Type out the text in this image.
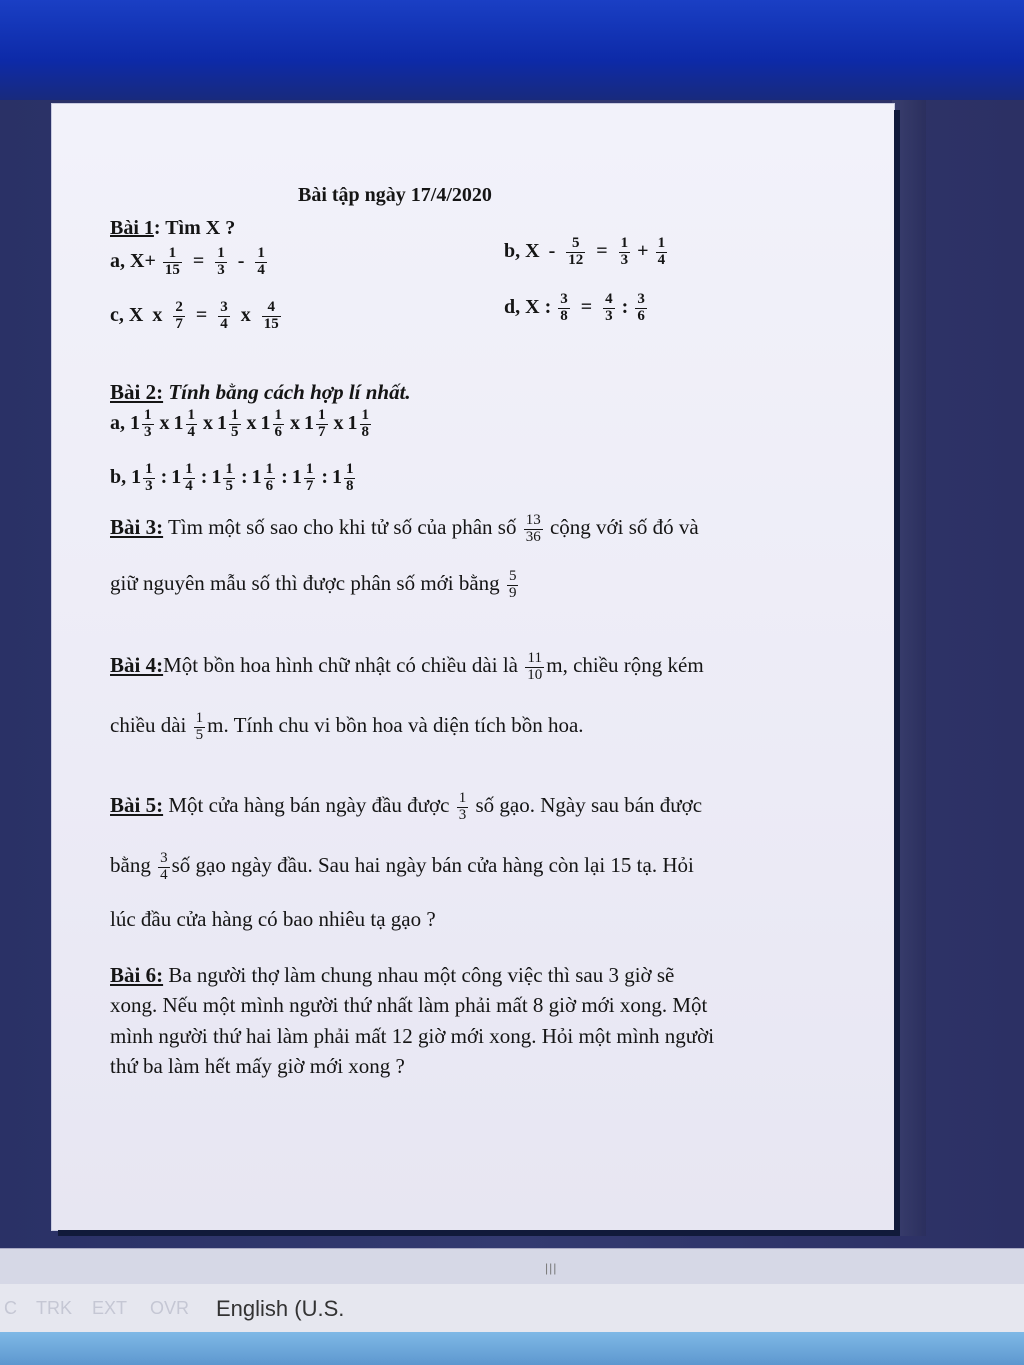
Bài tập ngày 17/4/2020
Bài 1: Tìm X ?
a, $X+ \frac{1}{15} = \frac{1}{3} - \frac{1}{4}$	b, $X - \frac{5}{12} = \frac{1}{3} + \frac{1}{4}$
c, X x $\frac{2}{7} = \frac{3}{4}$ x $\frac{4}{15}$	d, X : $\frac{3}{8} = \frac{4}{3}$ : $\frac{3}{6}$
Bài 2: Tính bằng cách hợp lí nhất.
a, $1 \frac{1}{3}$ x $1 \frac{1}{4}$ x $1 \frac{1}{5}$ x $1 \frac{1}{6}$ x $1 \frac{1}{7}$ x $1 \frac{1}{8}$
b, $1 \frac{1}{3}$ : $1 \frac{1}{4}$ : $1 \frac{1}{5}$ : $1 \frac{1}{6}$ : $1 \frac{1}{7}$ : $1 \frac{1}{8}$
Bài 3: Tìm một số sao cho khi tử số của phân số $\frac{13}{36}$ cộng với số đó và
giữ nguyên mẫu số thì được phân số mới bằng $\frac{5}{9}$
Bài 4:Một bồn hoa hình chữ nhật có chiều dài là $\frac{11}{10} m$, chiều rộng kém
chiều dài $\frac{1}{5} m$. Tính chu vi bồn hoa và diện tích bồn hoa.
Bài 5: Một cửa hàng bán ngày đầu được $\frac{1}{3}$ số gạo. Ngày sau bán được
bằng $\frac{3}{4}$ số gạo ngày đầu. Sau hai ngày bán cửa hàng còn lại 15 tạ. Hỏi
lúc đầu cửa hàng có bao nhiêu tạ gạo ?
Bài 6: Ba người thợ làm chung nhau một công việc thì sau 3 giờ sẽ
xong. Nếu một mình người thứ nhất làm phải mất 8 giờ mới xong. Một
mình người thứ hai làm phải mất 12 giờ mới xong. Hỏi một mình người
thứ ba làm hết mấy giờ mới xong ?
|||
C TRK EXT OVR English (U.S.
